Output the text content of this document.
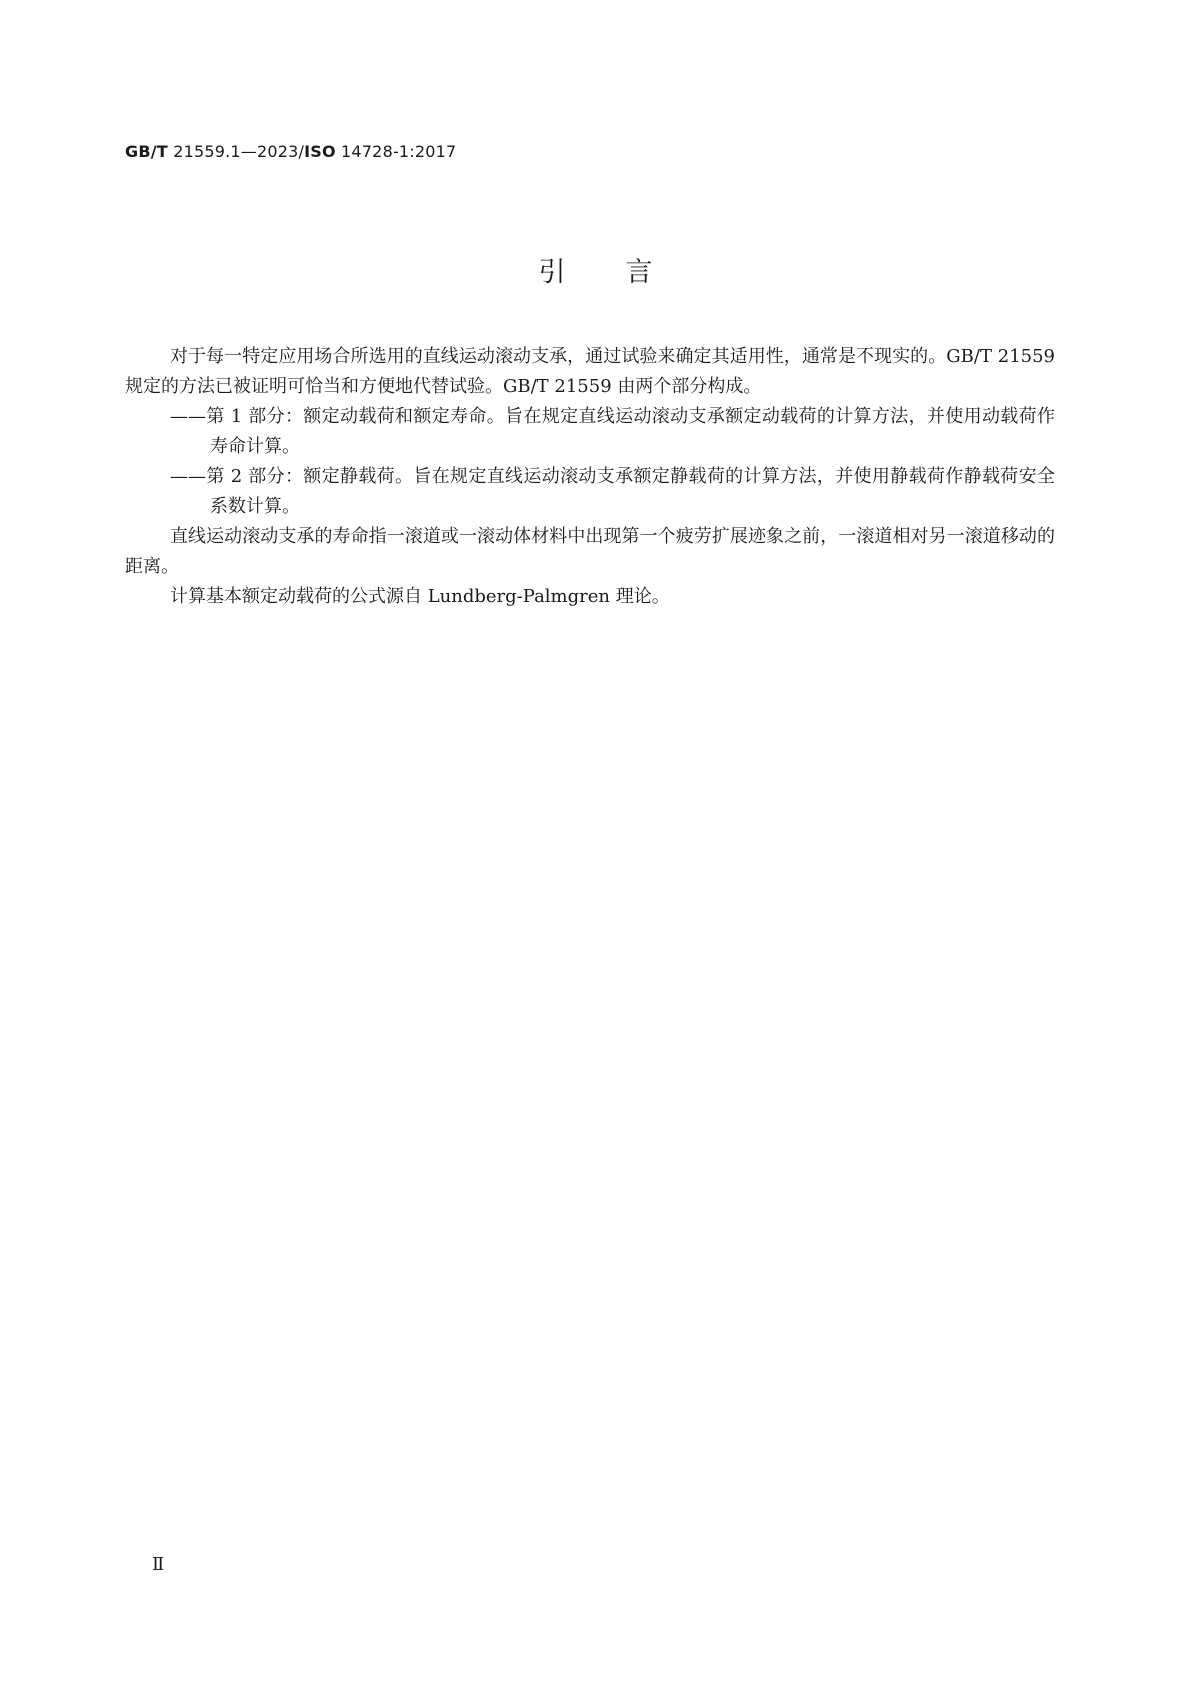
GB/T 21559.1—2023/ISO 14728-1:2017
引言

对于每一特定应用场合所选用的直线运动滚动支承，通过试验来确定其适用性，通常是不现实的。GB/T 21559 规定的方法已被证明可恰当和方便地代替试验。GB/T 21559 由两个部分构成。

——第 1 部分：额定动载荷和额定寿命。旨在规定直线运动滚动支承额定动载荷的计算方法，并使用动载荷作寿命计算。

——第 2 部分：额定静载荷。旨在规定直线运动滚动支承额定静载荷的计算方法，并使用静载荷作静载荷安全系数计算。

直线运动滚动支承的寿命指一滚道或一滚动体材料中出现第一个疲劳扩展迹象之前，一滚道相对另一滚道移动的距离。

计算基本额定动载荷的公式源自 Lundberg-Palmgren 理论。

Ⅱ
